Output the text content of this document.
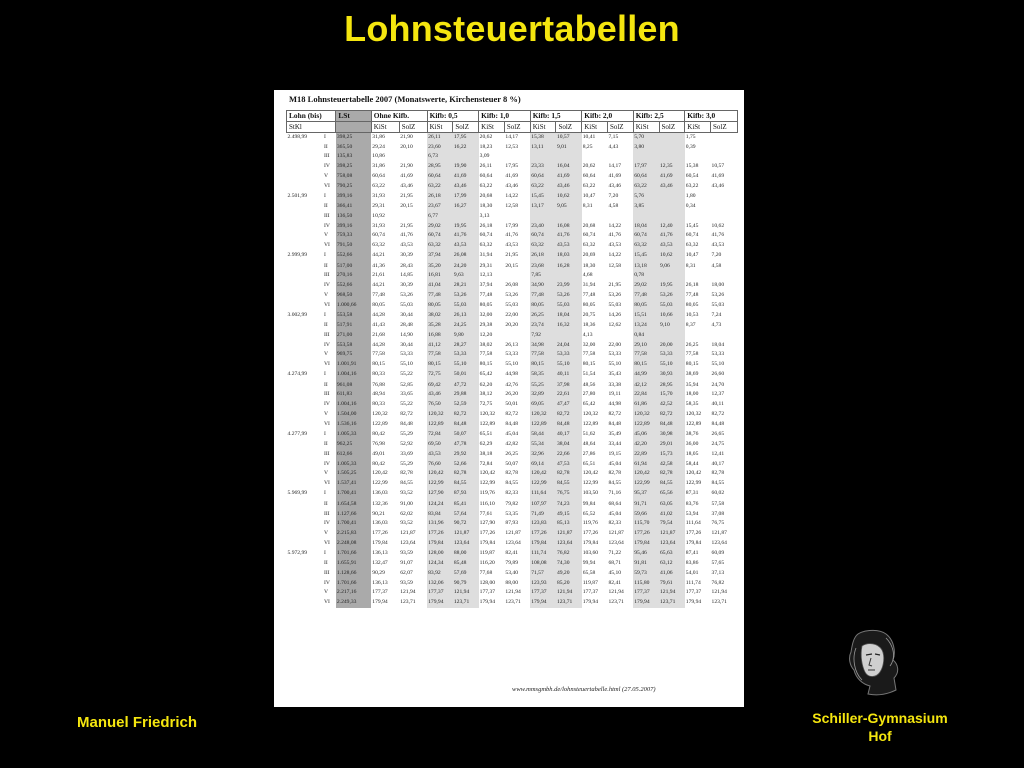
Lohnsteuertabellen
M18 Lohnsteuertabelle 2007 (Monatswerte, Kirchensteuer 8 %)
Lohn (bis)		LSt	Ohne Kifb.		Kifb: 0,5		Kifb: 1,0		Kifb: 1,5		Kifb: 2,0		Kifb: 2,5		Kifb: 3,0	
StKl			KiSt	SolZ	KiSt	SolZ	KiSt	SolZ	KiSt	SolZ	KiSt	SolZ	KiSt	SolZ	KiSt	SolZ
2.498,99	I	398,25	31,86	21,90	26,11	17,95	20,62	14,17	15,38	10,57	10,41	7,15	5,70		1,75	
	II	365,50	29,24	20,10	23,60	16,22	18,23	12,53	13,11	9,01	8,25	4,43	3,80		0,39	
	III	135,83	10,86		6,73		3,09									
	IV	398,25	31,86	21,90	28,95	19,90	26,11	17,95	23,33	16,04	20,62	14,17	17,97	12,35	15,38	10,57
	V	758,08	60,64	41,69	60,64	41,69	60,64	41,69	60,64	41,69	60,64	41,69	60,64	41,69	60,54	41,69
	VI	790,25	63,22	43,46	63,22	43,46	63,22	43,46	63,22	43,46	63,22	43,46	63,22	43,46	63,22	43,46
2.501,99	I	399,16	31,93	21,95	26,18	17,99	20,68	14,22	15,45	10,62	10,47	7,20	5,76		1,80	
	II	366,41	29,31	20,15	23,67	16,27	18,30	12,58	13,17	9,05	8,31	4,58	3,85		0,34	
	III	136,50	10,92		6,77		3,13									
	IV	399,16	31,93	21,95	29,02	19,95	26,18	17,99	23,40	16,08	20,68	14,22	18,04	12,40	15,45	10,62
	V	759,33	60,74	41,76	60,74	41,76	60,74	41,76	60,74	41,76	60,74	41,76	60,74	41,76	60,74	41,76
	VI	791,50	63,32	43,53	63,32	43,53	63,32	43,53	63,32	43,53	63,32	43,53	63,32	43,53	63,32	43,53
2.999,99	I	552,66	44,21	30,39	37,94	26,08	31,94	21,95	26,18	18,03	20,69	14,22	15,45	10,62	10,47	7,20
	II	517,00	41,36	28,43	35,20	24,20	29,31	20,15	23,68	16,28	18,30	12,58	13,18	9,06	8,31	4,58
	III	270,16	21,61	14,85	16,81	9,63	12,13		7,85		4,68		0,78			
	IV	552,66	44,21	30,39	41,04	28,21	37,94	26,08	34,90	23,99	31,94	21,95	29,02	19,95	26,18	18,00
	V	968,50	77,48	53,26	77,48	53,26	77,48	53,26	77,48	53,26	77,48	53,26	77,48	53,26	77,48	53,26
	VI	1.000,66	80,05	55,03	80,05	55,03	80,05	55,03	80,05	55,03	80,05	55,03	80,05	55,03	80,05	55,03
3.002,99	I	553,58	44,28	30,44	38,02	26,13	32,00	22,00	26,25	18,04	20,75	14,26	15,51	10,66	10,53	7,24
	II	517,91	41,43	28,48	35,28	24,25	29,38	20,20	23,74	16,32	18,36	12,62	13,24	9,10	8,37	4,73
	III	271,00	21,68	14,90	16,88	9,80	12,20		7,92		4,13		0,84			
	IV	553,58	44,28	30,44	41,12	28,27	38,02	26,13	34,98	24,04	32,00	22,00	29,10	20,00	26,25	18,04
	V	969,75	77,58	53,33	77,58	53,33	77,58	53,33	77,58	53,33	77,58	53,33	77,58	53,33	77,58	53,33
	VI	1.001,91	80,15	55,10	80,15	55,10	80,15	55,10	80,15	55,10	80,15	55,10	80,15	55,10	80,15	55,10
4.274,99	I	1.004,16	80,33	55,22	72,75	50,01	65,42	44,98	58,35	40,11	51,54	35,43	44,99	30,93	38,69	26,60
	II	961,08	76,88	52,85	69,42	47,72	62,20	42,76	55,25	37,98	48,56	33,38	42,12	28,95	35,94	24,70
	III	611,83	48,94	33,65	43,46	29,88	38,12	26,20	32,89	22,61	27,80	19,11	22,84	15,70	18,00	12,37
	IV	1.004,16	80,33	55,22	76,50	52,59	72,75	50,01	69,05	47,47	65,42	44,98	61,86	42,52	58,35	40,11
	V	1.504,00	120,32	82,72	120,32	82,72	120,32	82,72	120,32	82,72	120,32	82,72	120,32	82,72	120,32	82,72
	VI	1.536,16	122,89	84,48	122,89	84,48	122,89	84,48	122,89	84,48	122,89	84,48	122,89	84,48	122,89	84,48
4.277,99	I	1.005,33	80,42	55,29	72,84	50,07	65,51	45,04	58,44	40,17	51,62	35,49	45,06	30,98	38,76	26,65
	II	962,25	76,98	52,92	69,50	47,78	62,29	42,82	55,34	38,04	48,64	33,44	42,20	29,01	36,00	24,75
	III	612,66	49,01	33,69	43,53	29,92	38,18	26,25	32,96	22,66	27,86	19,15	22,89	15,73	18,05	12,41
	IV	1.005,33	80,42	55,29	76,60	52,66	72,84	50,07	69,14	47,53	65,51	45,04	61,94	42,58	58,44	40,17
	V	1.505,25	120,42	82,78	120,42	82,78	120,42	82,78	120,42	82,78	120,42	82,78	120,42	82,78	120,42	82,78
	VI	1.537,41	122,99	84,55	122,99	84,55	122,99	84,55	122,99	84,55	122,99	84,55	122,99	84,55	122,99	84,55
5.969,99	I	1.700,41	136,03	93,52	127,90	87,93	119,76	82,33	111,64	76,75	103,50	71,16	95,37	65,56	87,31	60,02
	II	1.654,58	132,36	91,00	124,24	85,41	116,10	79,82	107,97	74,23	99,84	68,64	91,71	63,05	83,76	57,58
	III	1.127,66	90,21	62,02	83,84	57,64	77,61	53,35	71,49	49,15	65,52	45,04	59,66	41,02	53,94	37,08
	IV	1.700,41	136,03	93,52	131,96	90,72	127,90	87,93	123,83	85,13	119,76	82,33	115,70	79,54	111,64	76,75
	V	2.215,83	177,26	121,87	177,26	121,87	177,26	121,87	177,26	121,87	177,26	121,87	177,26	121,87	177,26	121,87
	VI	2.248,08	179,84	123,64	179,84	123,64	179,84	123,64	179,84	123,64	179,84	123,64	179,84	123,64	179,84	123,64
5.972,99	I	1.701,66	136,13	93,59	128,00	88,00	119,87	82,41	111,74	76,82	103,60	71,22	95,46	65,63	87,41	60,09
	II	1.655,91	132,47	91,07	124,34	85,48	116,20	79,89	108,08	74,30	99,94	68,71	91,81	63,12	83,86	57,65
	III	1.128,66	90,29	62,07	83,92	57,69	77,68	53,40	71,57	49,20	65,58	45,10	59,73	41,06	54,01	37,13
	IV	1.701,66	136,13	93,59	132,06	90,79	128,00	88,00	123,93	85,20	119,87	82,41	115,80	79,61	111,74	76,82
	V	2.217,16	177,37	121,94	177,37	121,94	177,37	121,94	177,37	121,94	177,37	121,94	177,37	121,94	177,37	121,94
	VI	2.249,33	179,94	123,71	179,94	123,71	179,94	123,71	179,94	123,71	179,94	123,71	179,94	123,71	179,94	123,71
www.mmsgmbh.de/lohnsteuertabelle.html (27.05.2007)
Manuel Friedrich	Schiller-Gymnasium
Hof
